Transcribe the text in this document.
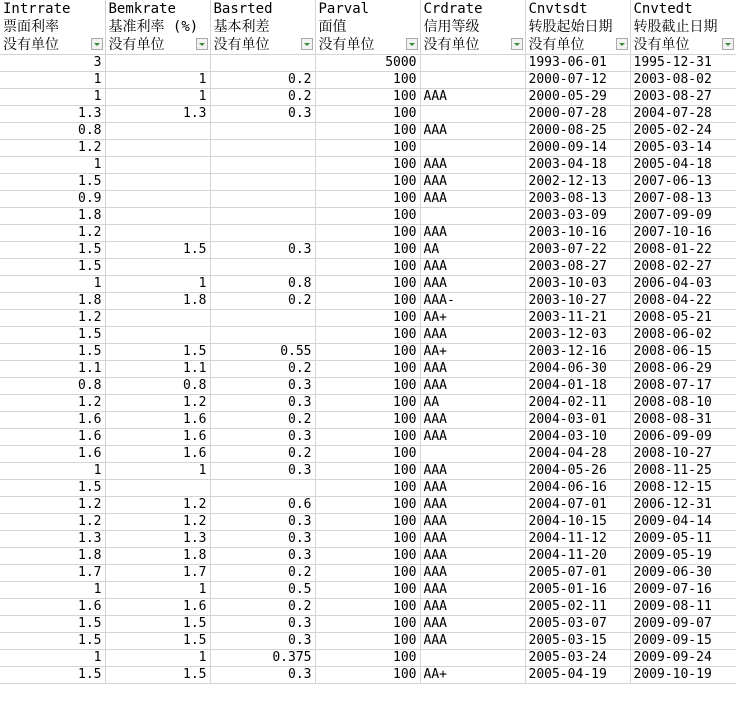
Intrrate	Bemkrate	Basrted	Parval	Crdrate	Cnvtsdt	Cnvtedt
票面利率	基准利率 (%)	基本利差	面值	信用等级	转股起始日期	转股截止日期
没有单位	没有单位	没有单位	没有单位	没有单位	没有单位	没有单位

3			5000		1993-06-01	1995-12-31
1	1	0.2	100		2000-07-12	2003-08-02
1	1	0.2	100	AAA	2000-05-29	2003-08-27
1.3	1.3	0.3	100		2000-07-28	2004-07-28
0.8			100	AAA	2000-08-25	2005-02-24
1.2			100		2000-09-14	2005-03-14
1			100	AAA	2003-04-18	2005-04-18
1.5			100	AAA	2002-12-13	2007-06-13
0.9			100	AAA	2003-08-13	2007-08-13
1.8			100		2003-03-09	2007-09-09
1.2			100	AAA	2003-10-16	2007-10-16
1.5	1.5	0.3	100	AA	2003-07-22	2008-01-22
1.5			100	AAA	2003-08-27	2008-02-27
1	1	0.8	100	AAA	2003-10-03	2006-04-03
1.8	1.8	0.2	100	AAA-	2003-10-27	2008-04-22
1.2			100	AA+	2003-11-21	2008-05-21
1.5			100	AAA	2003-12-03	2008-06-02
1.5	1.5	0.55	100	AA+	2003-12-16	2008-06-15
1.1	1.1	0.2	100	AAA	2004-06-30	2008-06-29
0.8	0.8	0.3	100	AAA	2004-01-18	2008-07-17
1.2	1.2	0.3	100	AA	2004-02-11	2008-08-10
1.6	1.6	0.2	100	AAA	2004-03-01	2008-08-31
1.6	1.6	0.3	100	AAA	2004-03-10	2006-09-09
1.6	1.6	0.2	100		2004-04-28	2008-10-27
1	1	0.3	100	AAA	2004-05-26	2008-11-25
1.5			100	AAA	2004-06-16	2008-12-15
1.2	1.2	0.6	100	AAA	2004-07-01	2006-12-31
1.2	1.2	0.3	100	AAA	2004-10-15	2009-04-14
1.3	1.3	0.3	100	AAA	2004-11-12	2009-05-11
1.8	1.8	0.3	100	AAA	2004-11-20	2009-05-19
1.7	1.7	0.2	100	AAA	2005-07-01	2009-06-30
1	1	0.5	100	AAA	2005-01-16	2009-07-16
1.6	1.6	0.2	100	AAA	2005-02-11	2009-08-11
1.5	1.5	0.3	100	AAA	2005-03-07	2009-09-07
1.5	1.5	0.3	100	AAA	2005-03-15	2009-09-15
1	1	0.375	100		2005-03-24	2009-09-24
1.5	1.5	0.3	100	AA+	2005-04-19	2009-10-19
